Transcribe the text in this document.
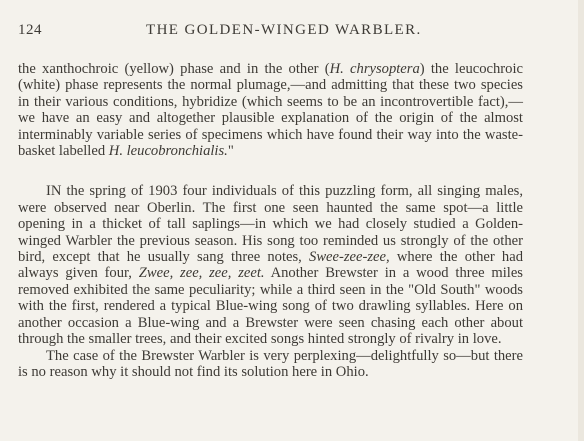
124	THE GOLDEN-WINGED WARBLER.

the xanthochroic (yellow) phase and in the other (H. chrysoptera) the leucochroic (white) phase represents the normal plumage,—and admitting that these two species in their various conditions, hybridize (which seems to be an incontrovertible fact),—we have an easy and altogether plausible explanation of the origin of the almost interminably variable series of specimens which have found their way into the waste-basket labelled H. leucobronchialis."

IN the spring of 1903 four individuals of this puzzling form, all singing males, were observed near Oberlin. The first one seen haunted the same spot—a little opening in a thicket of tall saplings—in which we had closely studied a Golden-winged Warbler the previous season. His song too reminded us strongly of the other bird, except that he usually sang three notes, Swee-zee-zee, where the other had always given four, Zwee, zee, zee, zeet. Another Brewster in a wood three miles removed exhibited the same peculiarity; while a third seen in the "Old South" woods with the first, rendered a typical Blue-wing song of two drawling syllables. Here on another occasion a Blue-wing and a Brewster were seen chasing each other about through the smaller trees, and their excited songs hinted strongly of rivalry in love.

The case of the Brewster Warbler is very perplexing—delightfully so—but there is no reason why it should not find its solution here in Ohio.
